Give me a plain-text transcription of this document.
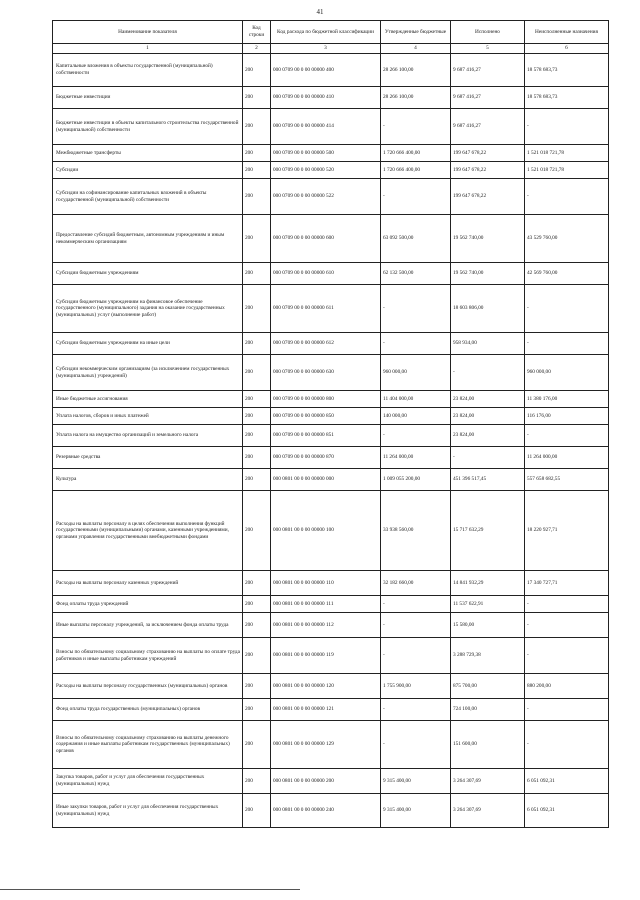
41
Наименование показателя	Код строки	Код расхода по бюджетной классификации	Утвержденные бюджетные	Исполнено	Неисполненные назначения
1	2	3	4	5	6
Капитальные вложения в объекты государственной (муниципальной) собственности	200	000 0709 00 0 00 00000 400	28 266 100,00	9 687 416,27	18 578 683,73
Бюджетные инвестиции	200	000 0709 00 0 00 00000 410	28 266 100,00	9 687 416,27	18 578 683,73
Бюджетные инвестиции в объекты капитального строительства государственной (муниципальной) собственности	200	000 0709 00 0 00 00000 414	-	9 687 416,27	-
Межбюджетные трансферты	200	000 0709 00 0 00 00000 500	1 720 666 400,00	199 647 678,22	1 521 018 721,78
Субсидии	200	000 0709 00 0 00 00000 520	1 720 666 400,00	199 647 678,22	1 521 018 721,78
Субсидии на софинансирование капитальных вложений в объекты государственной (муниципальной) собственности	200	000 0709 00 0 00 00000 522	-	199 647 678,22	-
Предоставление субсидий бюджетным, автономным учреждениям и иным некоммерческим организациям	200	000 0709 00 0 00 00000 600	63 092 500,00	19 562 740,00	43 529 760,00
Субсидии бюджетным учреждениям	200	000 0709 00 0 00 00000 610	62 132 500,00	19 562 740,00	42 569 760,00
Субсидии бюджетным учреждениям на финансовое обеспечение государственного (муниципального) задания на оказание государственных (муниципальных) услуг (выполнение работ)	200	000 0709 00 0 00 00000 611	-	18 603 806,00	-
Субсидии бюджетным учреждениям на иные цели	200	000 0709 00 0 00 00000 612	-	958 934,00	-
Субсидии некоммерческим организациям (за исключением государственных (муниципальных) учреждений)	200	000 0709 00 0 00 00000 630	960 000,00	-	960 000,00
Иные бюджетные ассигнования	200	000 0709 00 0 00 00000 800	11 404 000,00	23 824,00	11 380 176,00
Уплата налогов, сборов и иных платежей	200	000 0709 00 0 00 00000 850	140 000,00	23 824,00	116 176,00
Уплата налога на имущество организаций и земельного налога	200	000 0709 00 0 00 00000 851	-	23 824,00	-
Резервные средства	200	000 0709 00 0 00 00000 870	11 264 000,00	-	11 264 000,00
Культура	200	000 0801 00 0 00 00000 000	1 009 055 200,00	451 396 517,45	557 658 682,55
Расходы на выплаты персоналу в целях обеспечения выполнения функций государственными (муниципальными) органами, казенными учреждениями, органами управления государственными внебюджетными фондами	200	000 0801 00 0 00 00000 100	33 938 560,00	15 717 632,29	18 220 927,71
Расходы на выплаты персоналу казенных учреждений	200	000 0801 00 0 00 00000 110	32 182 660,00	14 841 932,29	17 340 727,71
Фонд оплаты труда учреждений	200	000 0801 00 0 00 00000 111	-	11 537 622,91	-
Иные выплаты персоналу учреждений, за исключением фонда оплаты труда	200	000 0801 00 0 00 00000 112	-	15 580,00	-
Взносы по обязательному социальному страхованию на выплаты по оплате труда работников и иные выплаты работникам учреждений	200	000 0801 00 0 00 00000 119	-	3 288 729,38	-
Расходы на выплаты персоналу государственных (муниципальных) органов	200	000 0801 00 0 00 00000 120	1 755 900,00	875 700,00	880 200,00
Фонд оплаты труда государственных (муниципальных) органов	200	000 0801 00 0 00 00000 121	-	724 100,00	-
Взносы по обязательному социальному страхованию на выплаты денежного содержания и иные выплаты работникам государственных (муниципальных) органов	200	000 0801 00 0 00 00000 129	-	151 600,00	-
Закупка товаров, работ и услуг для обеспечения государственных (муниципальных) нужд	200	000 0801 00 0 00 00000 200	9 315 400,00	3 264 307,69	6 051 092,31
Иные закупки товаров, работ и услуг для обеспечения государственных (муниципальных) нужд	200	000 0801 00 0 00 00000 240	9 315 400,00	3 264 307,69	6 051 092,31
